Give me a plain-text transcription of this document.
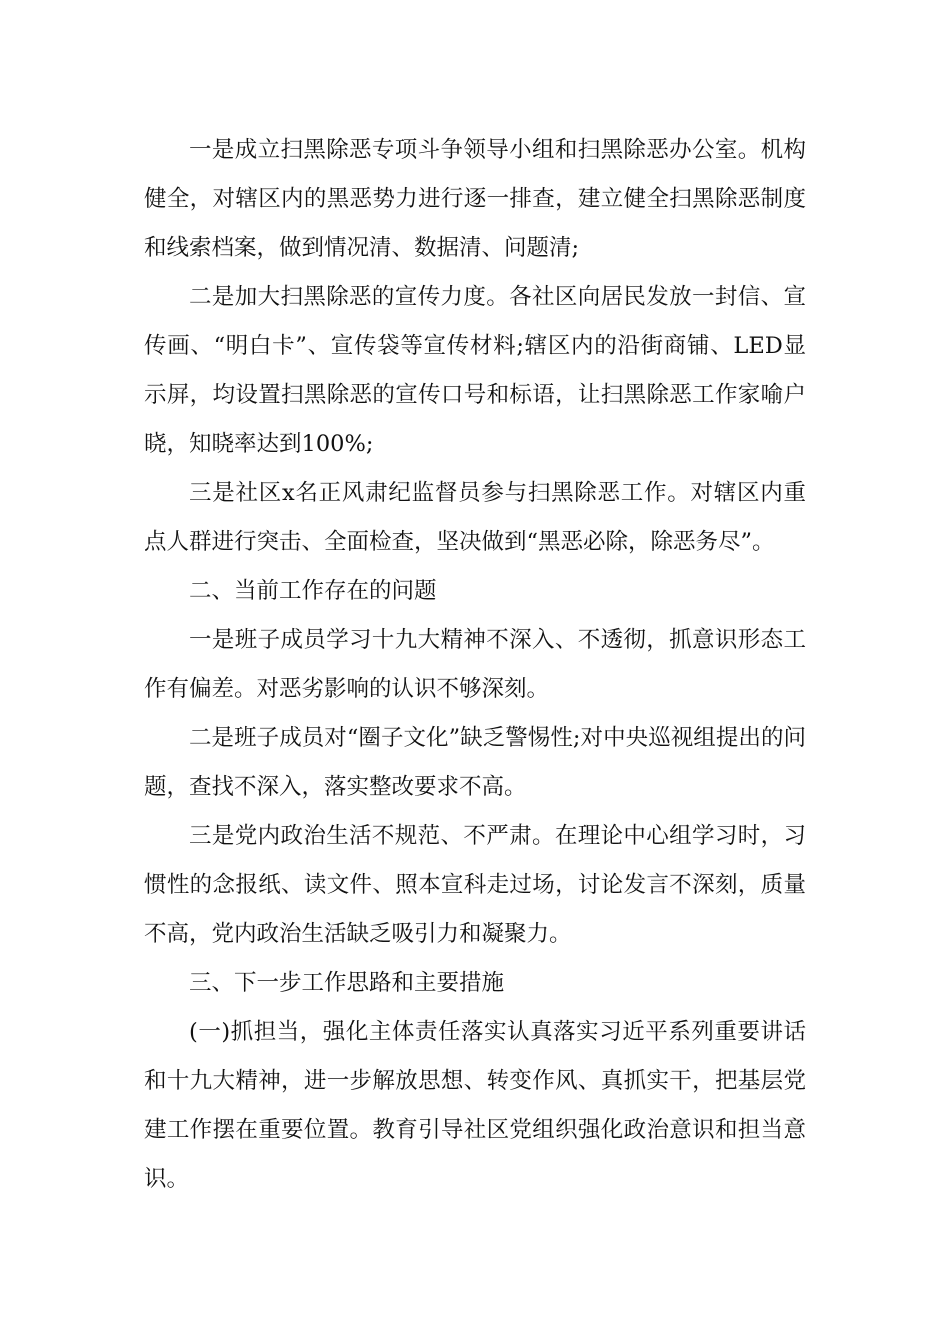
一是成立扫黑除恶专项斗争领导小组和扫黑除恶办公室。机构健全，对辖区内的黑恶势力进行逐一排查，建立健全扫黑除恶制度和线索档案，做到情况清、数据清、问题清;

二是加大扫黑除恶的宣传力度。各社区向居民发放一封信、宣传画、“明白卡”、宣传袋等宣传材料;辖区内的沿街商铺、LED显示屏，均设置扫黑除恶的宣传口号和标语，让扫黑除恶工作家喻户晓，知晓率达到100%;

三是社区x名正风肃纪监督员参与扫黑除恶工作。对辖区内重点人群进行突击、全面检查，坚决做到“黑恶必除，除恶务尽”。

二、当前工作存在的问题

一是班子成员学习十九大精神不深入、不透彻，抓意识形态工作有偏差。对恶劣影响的认识不够深刻。

二是班子成员对“圈子文化”缺乏警惕性;对中央巡视组提出的问题，查找不深入，落实整改要求不高。

三是党内政治生活不规范、不严肃。在理论中心组学习时，习惯性的念报纸、读文件、照本宣科走过场，讨论发言不深刻，质量不高，党内政治生活缺乏吸引力和凝聚力。

三、下一步工作思路和主要措施

(一)抓担当，强化主体责任落实认真落实习近平系列重要讲话和十九大精神，进一步解放思想、转变作风、真抓实干，把基层党建工作摆在重要位置。教育引导社区党组织强化政治意识和担当意识。
